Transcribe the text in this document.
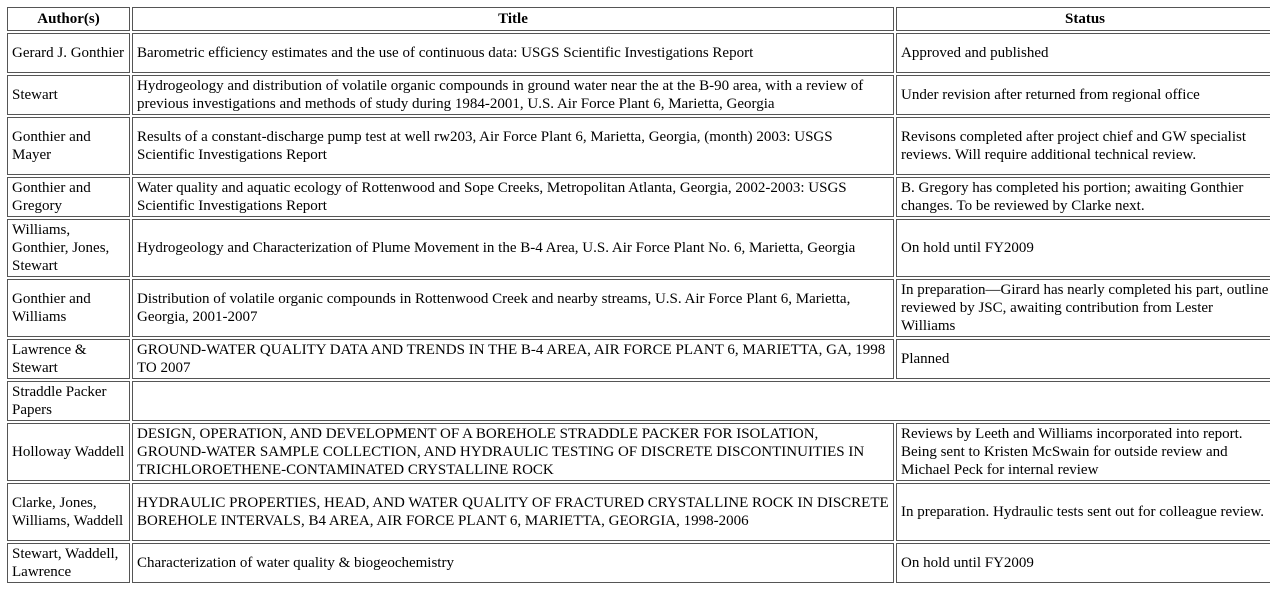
Author(s)	Title	Status
Gerard J. Gonthier	Barometric efficiency estimates and the use of continuous data: USGS Scientific Investigations Report	Approved and published
Stewart	Hydrogeology and distribution of volatile organic compounds in ground water near the at the B-90 area, with a review of previous investigations and methods of study during 1984-2001, U.S. Air Force Plant 6, Marietta, Georgia	Under revision after returned from regional office
Gonthier and Mayer	Results of a constant-discharge pump test at well rw203, Air Force Plant 6, Marietta, Georgia, (month) 2003: USGS Scientific Investigations Report	Revisons completed after project chief and GW specialist reviews. Will require additional technical review.
Gonthier and Gregory	Water quality and aquatic ecology of Rottenwood and Sope Creeks, Metropolitan Atlanta, Georgia, 2002-2003: USGS Scientific Investigations Report	B. Gregory has completed his portion; awaiting Gonthier changes. To be reviewed by Clarke next.
Williams, Gonthier, Jones, Stewart	Hydrogeology and Characterization of Plume Movement in the B-4 Area, U.S. Air Force Plant No. 6, Marietta, Georgia	On hold until FY2009
Gonthier and Williams	Distribution of volatile organic compounds in Rottenwood Creek and nearby streams, U.S. Air Force Plant 6, Marietta, Georgia, 2001-2007	In preparation—Girard has nearly completed his part, outline reviewed by JSC, awaiting contribution from Lester Williams
Lawrence & Stewart	GROUND-WATER QUALITY DATA AND TRENDS IN THE B-4 AREA, AIR FORCE PLANT 6, MARIETTA, GA, 1998 TO 2007	Planned
Straddle Packer Papers		
Holloway Waddell	DESIGN, OPERATION, AND DEVELOPMENT OF A BOREHOLE STRADDLE PACKER FOR ISOLATION, GROUND-WATER SAMPLE COLLECTION, AND HYDRAULIC TESTING OF DISCRETE DISCONTINUITIES IN TRICHLOROETHENE-CONTAMINATED CRYSTALLINE ROCK	Reviews by Leeth and Williams incorporated into report. Being sent to Kristen McSwain for outside review and Michael Peck for internal review
Clarke, Jones, Williams, Waddell	HYDRAULIC PROPERTIES, HEAD, AND WATER QUALITY OF FRACTURED CRYSTALLINE ROCK IN DISCRETE BOREHOLE INTERVALS, B4 AREA, AIR FORCE PLANT 6, MARIETTA, GEORGIA, 1998-2006	In preparation. Hydraulic tests sent out for colleague review.
Stewart, Waddell, Lawrence	Characterization of water quality & biogeochemistry	On hold until FY2009
